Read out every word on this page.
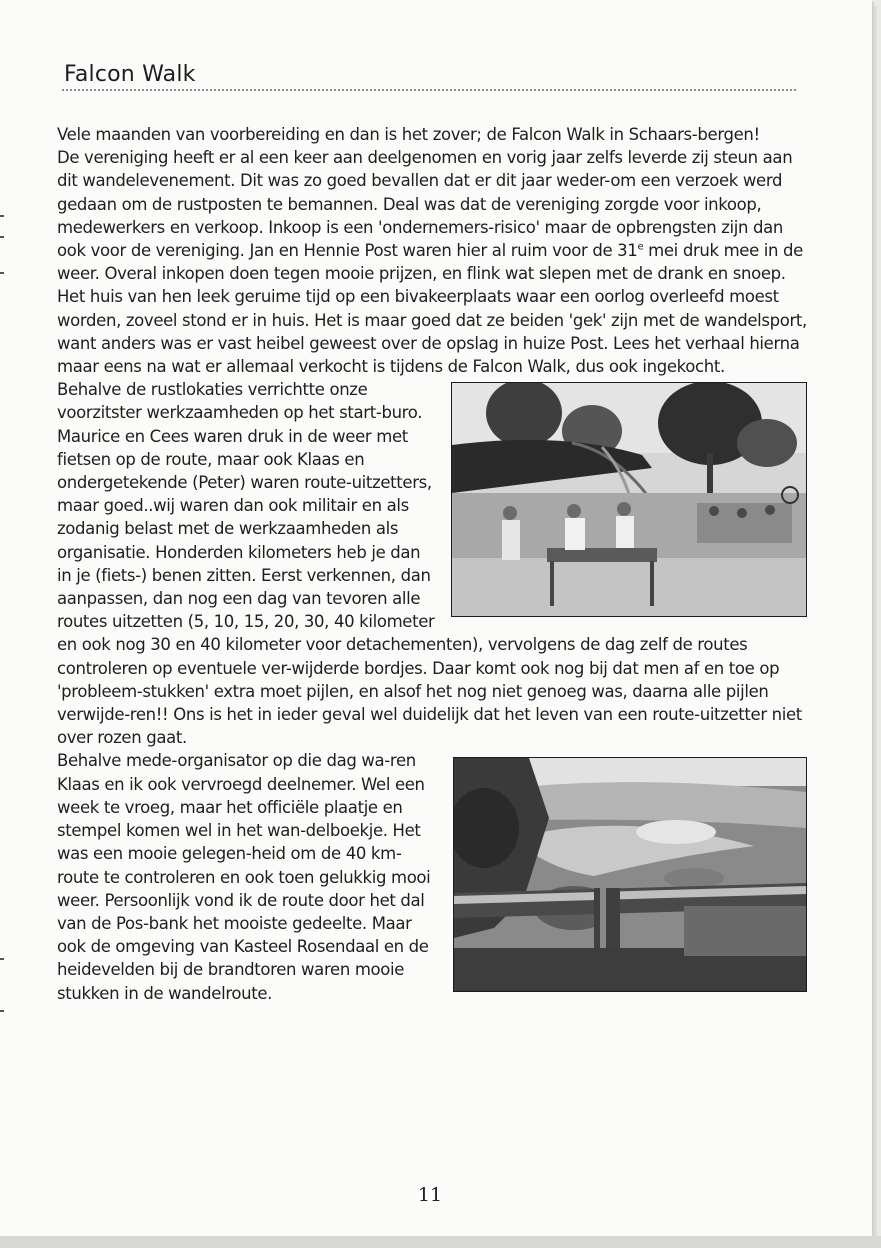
Falcon Walk

Vele maanden van voorbereiding en dan is het zover; de Falcon Walk in Schaars-bergen!

De vereniging heeft er al een keer aan deelgenomen en vorig jaar zelfs leverde zij steun aan dit wandelevenement. Dit was zo goed bevallen dat er dit jaar weder-om een verzoek werd gedaan om de rustposten te bemannen. Deal was dat de vereniging zorgde voor inkoop, medewerkers en verkoop. Inkoop is een 'ondernemers-risico' maar de opbrengsten zijn dan ook voor de vereniging. Jan en Hennie Post waren hier al ruim voor de 31e mei druk mee in de weer. Overal inkopen doen tegen mooie prijzen, en flink wat slepen met de drank en snoep. Het huis van hen leek geruime tijd op een bivakeerplaats waar een oorlog overleefd moest worden, zoveel stond er in huis. Het is maar goed dat ze beiden 'gek' zijn met de wandelsport, want anders was er vast heibel geweest over de opslag in huize Post. Lees het verhaal hierna maar eens na wat er allemaal verkocht is tijdens de Falcon Walk, dus ook ingekocht.

Behalve de rustlokaties verrichtte onze voorzitster werkzaamheden op het start-buro. Maurice en Cees waren druk in de weer met fietsen op de route, maar ook Klaas en ondergetekende (Peter) waren route-uitzetters, maar goed..wij waren dan ook militair en als zodanig belast met de werkzaamheden als organisatie. Honderden kilometers heb je dan in je (fiets-) benen zitten. Eerst verkennen, dan aanpassen, dan nog een dag van tevoren alle routes uitzetten (5, 10, 15, 20, 30, 40 kilometer en ook nog 30 en 40 kilometer voor detachementen), vervolgens de dag zelf de routes controleren op eventuele ver-wijderde bordjes. Daar komt ook nog bij dat men af en toe op 'probleem-stukken' extra moet pijlen, en alsof het nog niet genoeg was, daarna alle pijlen verwijde-ren!! Ons is het in ieder geval wel duidelijk dat het leven van een route-uitzetter niet over rozen gaat.

Behalve mede-organisator op die dag wa-ren Klaas en ik ook vervroegd deelnemer. Wel een week te vroeg, maar het officiële plaatje en stempel komen wel in het wan-delboekje. Het was een mooie gelegen-heid om de 40 km-route te controleren en ook toen gelukkig mooi weer. Persoonlijk vond ik de route door het dal van de Pos-bank het mooiste gedeelte. Maar ook de omgeving van Kasteel Rosendaal en de heidevelden bij de brandtoren waren mooie stukken in de wandelroute.

11
